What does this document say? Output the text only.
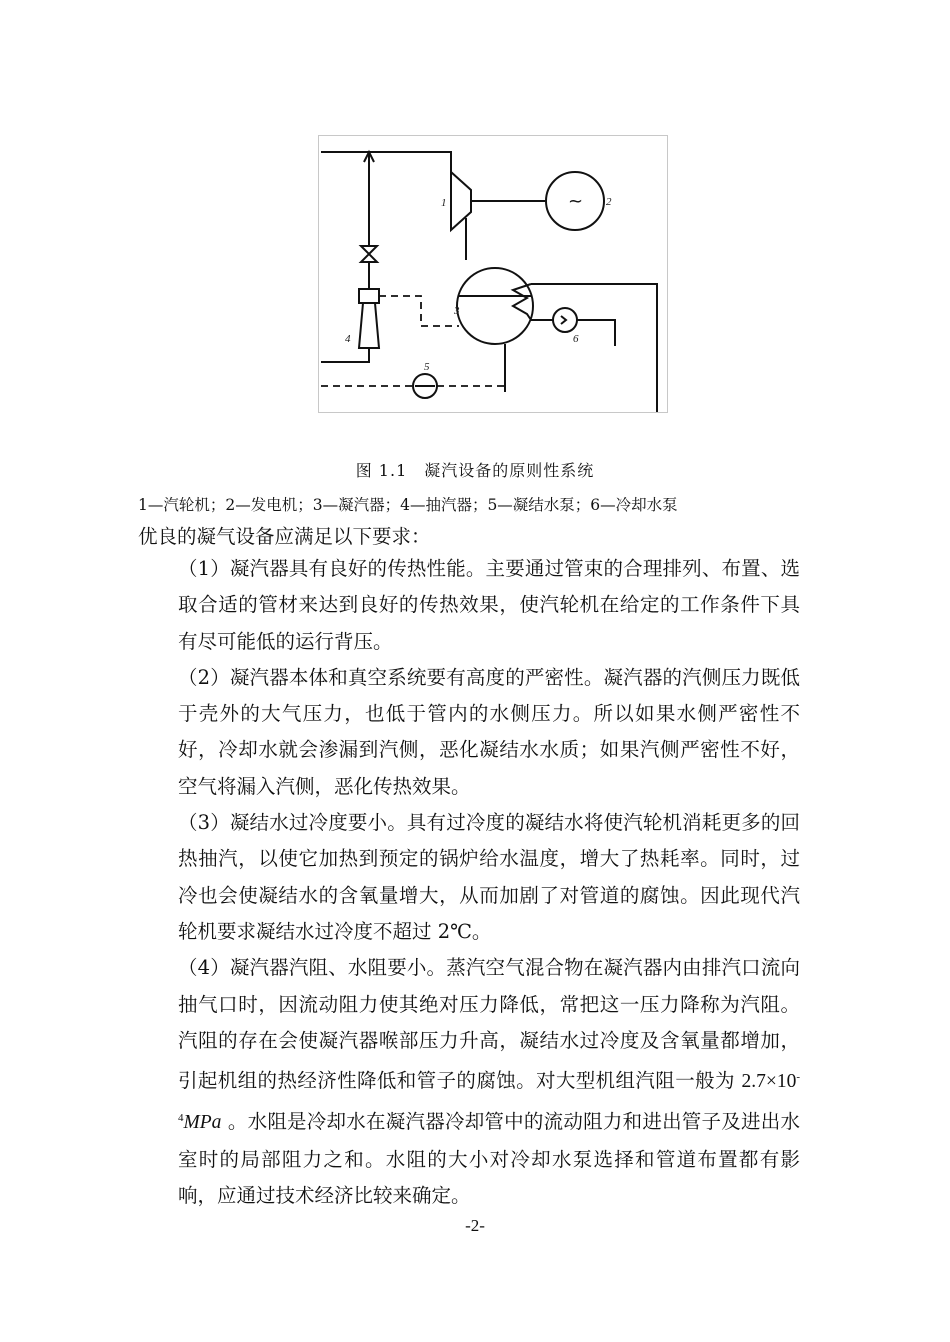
1	2
3
4
5
6
~
图 1.1　凝汽设备的原则性系统
1—汽轮机；2—发电机；3—凝汽器；4—抽汽器；5—凝结水泵；6—冷却水泵
优良的凝气设备应满足以下要求：

（1）凝汽器具有良好的传热性能。主要通过管束的合理排列、布置、选取合适的管材来达到良好的传热效果，使汽轮机在给定的工作条件下具有尽可能低的运行背压。

（2）凝汽器本体和真空系统要有高度的严密性。凝汽器的汽侧压力既低于壳外的大气压力，也低于管内的水侧压力。所以如果水侧严密性不好，冷却水就会渗漏到汽侧，恶化凝结水水质；如果汽侧严密性不好，空气将漏入汽侧，恶化传热效果。

（3）凝结水过冷度要小。具有过冷度的凝结水将使汽轮机消耗更多的回热抽汽，以使它加热到预定的锅炉给水温度，增大了热耗率。同时，过冷也会使凝结水的含氧量增大，从而加剧了对管道的腐蚀。因此现代汽轮机要求凝结水过冷度不超过 2℃。

（4）凝汽器汽阻、水阻要小。蒸汽空气混合物在凝汽器内由排汽口流向抽气口时，因流动阻力使其绝对压力降低，常把这一压力降称为汽阻。汽阻的存在会使凝汽器喉部压力升高，凝结水过冷度及含氧量都增加，引起机组的热经济性降低和管子的腐蚀。对大型机组汽阻一般为 $2.7\times 10^{-4}MPa$ 。水阻是冷却水在凝汽器冷却管中的流动阻力和进出管子及进出水室时的局部阻力之和。水阻的大小对冷却水泵选择和管道布置都有影响，应通过技术经济比较来确定。

-2-
